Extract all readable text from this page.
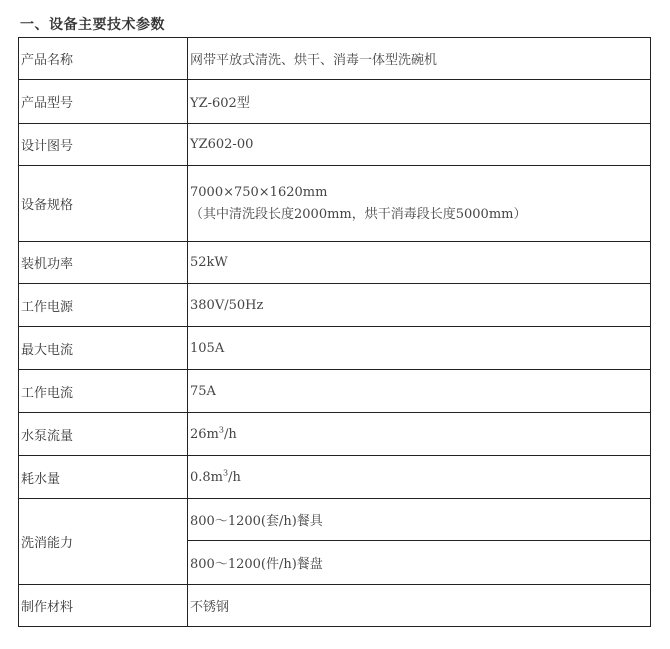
一、设备主要技术参数
产品名称	网带平放式清洗、烘干、消毒一体型洗碗机
产品型号	YZ-602型
设计图号	YZ602-00
设备规格	7000×750×1620mm
（其中清洗段长度2000mm，烘干消毒段长度5000mm）

装机功率	52kW
工作电源	380V/50Hz
最大电流	105A
工作电流	75A
水泵流量	$26m^3/h$
耗水量	$0.8m^3/h$
洗消能力	800～1200(套/h)餐具
	800～1200(件/h)餐盘
制作材料	不锈钢
